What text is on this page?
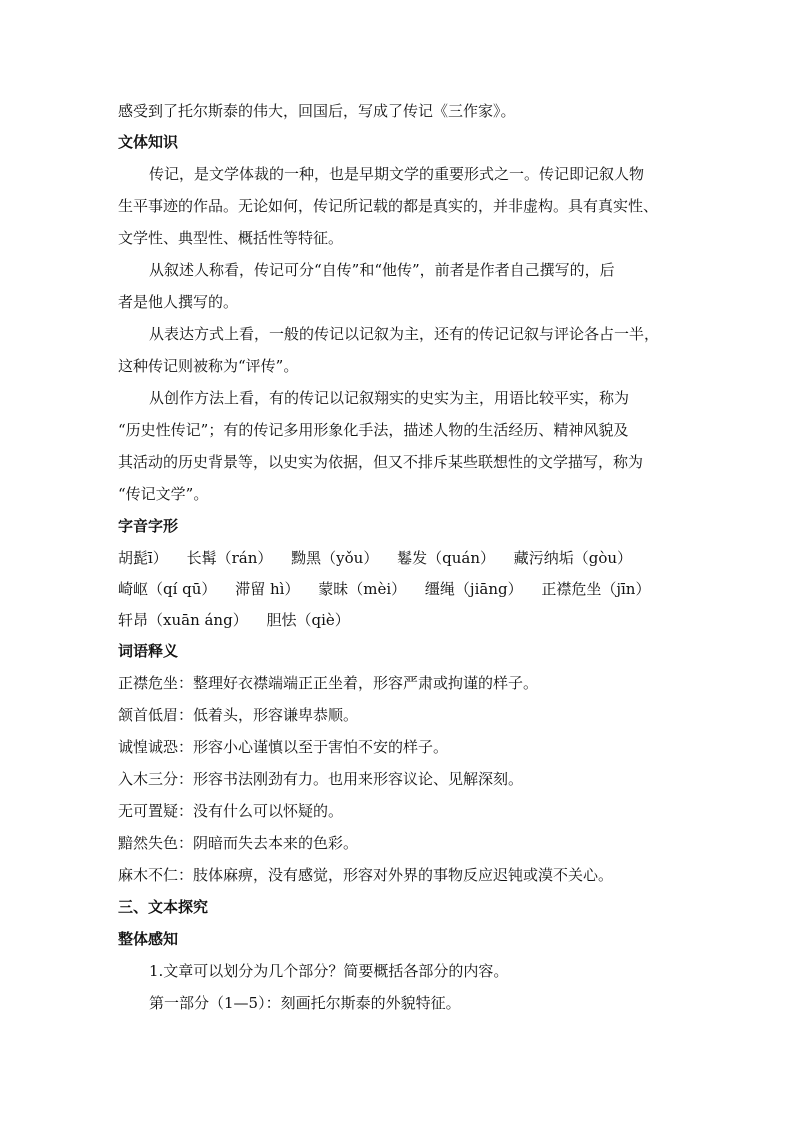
感受到了托尔斯泰的伟大，回国后，写成了传记《三作家》。
文体知识
传记，是文学体裁的一种，也是早期文学的重要形式之一。传记即记叙人物
生平事迹的作品。无论如何，传记所记载的都是真实的，并非虚构。具有真实性、
文学性、典型性、概括性等特征。
从叙述人称看，传记可分“自传”和“他传”，前者是作者自己撰写的，后
者是他人撰写的。
从表达方式上看，一般的传记以记叙为主，还有的传记记叙与评论各占一半，
这种传记则被称为“评传”。
从创作方法上看，有的传记以记叙翔实的史实为主，用语比较平实，称为
“历史性传记”；有的传记多用形象化手法，描述人物的生活经历、精神风貌及
其活动的历史背景等，以史实为依据，但又不排斥某些联想性的文学描写，称为
“传记文学”。
字音字形
胡髭ī） 长髯（rán） 黝黑（yǒu） 鬈发（quán） 藏污纳垢（gòu）
崎岖（qí qū） 滞留 hì） 蒙昧（mèi） 缰绳（jiāng） 正襟危坐（jīn）
轩昂（xuān áng） 胆怯（qiè）
词语释义
正襟危坐：整理好衣襟端端正正坐着，形容严肃或拘谨的样子。
颔首低眉：低着头，形容谦卑恭顺。
诚惶诚恐：形容小心谨慎以至于害怕不安的样子。
入木三分：形容书法刚劲有力。也用来形容议论、见解深刻。
无可置疑：没有什么可以怀疑的。
黯然失色：阴暗而失去本来的色彩。
麻木不仁：肢体麻痹，没有感觉，形容对外界的事物反应迟钝或漠不关心。
三、文本探究
整体感知
1.文章可以划分为几个部分？简要概括各部分的内容。
第一部分（1—5）：刻画托尔斯泰的外貌特征。
